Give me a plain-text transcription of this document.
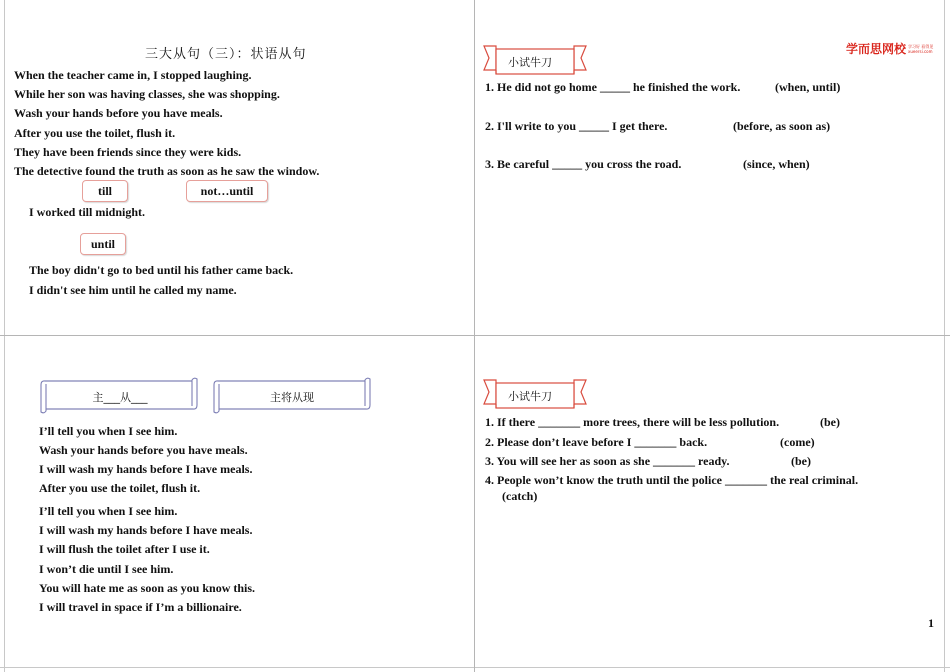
三大从句（三）：状语从句
When the teacher came in, I stopped laughing.
While her son was having classes, she was shopping.
Wash your hands before you have meals.
After you use the toilet, flush it.
They have been friends since they were kids.
The detective found the truth as soon as he saw the window.
till	not…until
I worked till midnight.
until
The boy didn't go to bed until his father came back.
I didn't see him until he called my name.
学而思网校 学习好 看得见
xueersi.com
小试牛刀
1. He did not go home _____ he finished the work.	(when, until)
2. I'll write to you _____ I get there.	(before, as soon as)
3. Be careful _____ you cross the road.	(since, when)
主___从___	主将从现
I’ll tell you when I see him.
Wash your hands before you have meals.
I will wash my hands before I have meals.
After you use the toilet, flush it.
I’ll tell you when I see him.
I will wash my hands before I have meals.
I will flush the toilet after I use it.
I won’t die until I see him.
You will hate me as soon as you know this.
I will travel in space if I’m a billionaire.
小试牛刀
1. If there _______ more trees, there will be less pollution.	(be)
2. Please don’t leave before I _______ back.	(come)
3. You will see her as soon as she _______ ready.	(be)
4. People won’t know the truth until the police _______ the real criminal.
(catch)
1
